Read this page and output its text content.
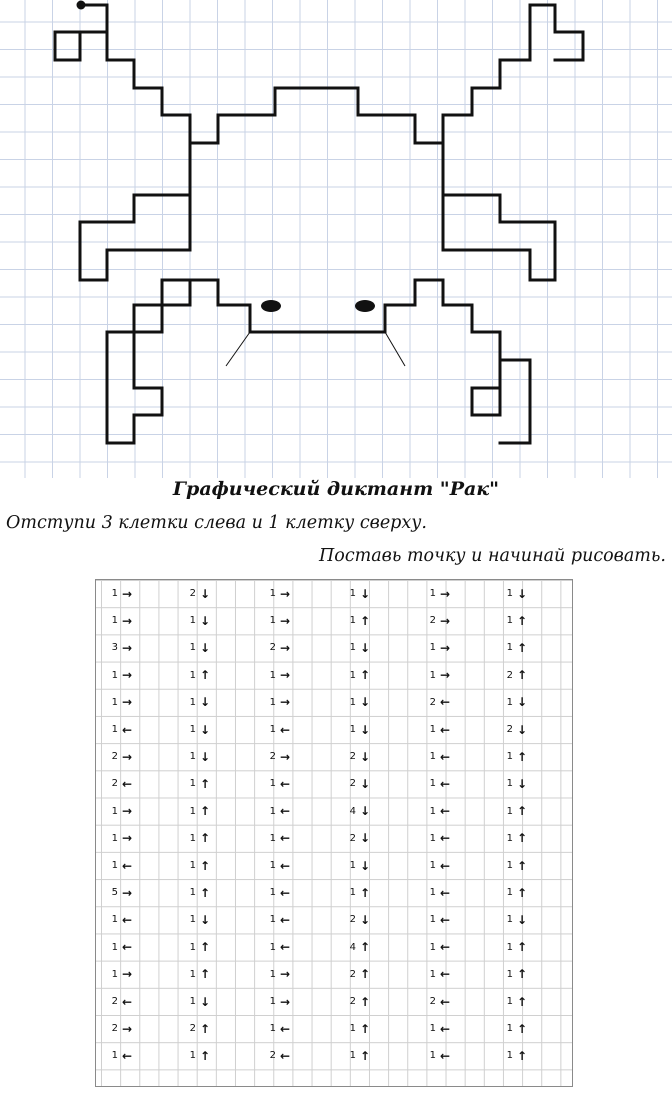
Графический диктант "Рак"
Отступи 3 клетки слева и 1 клетку сверху.
Поставь точку и начинай рисовать.
1 →
1 →
3 →
1 →
1 →
1 ←
2 →
2 ←
1 →
1 →
1 ←
5 →
1 ←
1 ←
1 →
2 ←
2 →
1 ←
2 ↓
1 ↓
1 ↓
1 ↑
1 ↓
1 ↓
1 ↓
1 ↑
1 ↑
1 ↑
1 ↑
1 ↑
1 ↓
1 ↑
1 ↑
1 ↓
2 ↑
1 ↑
1 →
1 →
2 →
1 →
1 →
1 ←
2 →
1 ←
1 ←
1 ←
1 ←
1 ←
1 ←
1 ←
1 →
1 →
1 ←
2 ←
1 ↓
1 ↑
1 ↓
1 ↑
1 ↓
1 ↓
2 ↓
2 ↓
4 ↓
2 ↓
1 ↓
1 ↑
2 ↓
4 ↑
2 ↑
2 ↑
1 ↑
1 ↑
1 →
2 →
1 →
1 →
2 ←
1 ←
1 ←
1 ←
1 ←
1 ←
1 ←
1 ←
1 ←
1 ←
1 ←
2 ←
1 ←
1 ←
1 ↓
1 ↑
1 ↑
2 ↑
1 ↓
2 ↓
1 ↑
1 ↓
1 ↑
1 ↑
1 ↑
1 ↑
1 ↓
1 ↑
1 ↑
1 ↑
1 ↑
1 ↑
